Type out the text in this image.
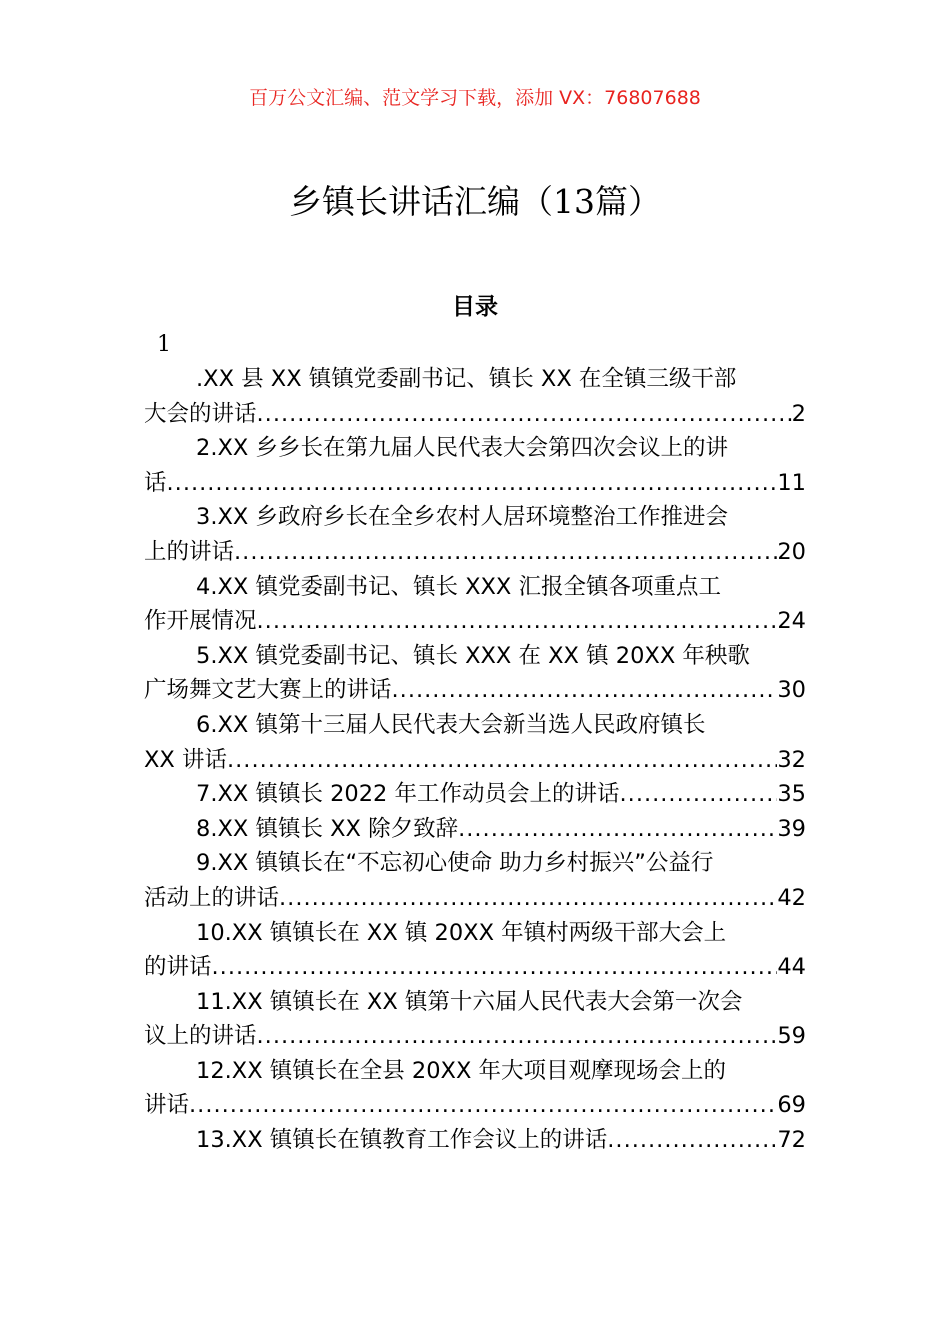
百万公文汇编、范文学习下载，添加 VX：76807688
乡镇长讲话汇编（13篇）
目录
1
.XX 县 XX 镇镇党委副书记、镇长 XX 在全镇三级干部
大会的讲话 .....	2
2.XX 乡乡长在第九届人民代表大会第四次会议上的讲
话 .....	11
3.XX 乡政府乡长在全乡农村人居环境整治工作推进会
上的讲话 .....	20
4.XX 镇党委副书记、镇长 XXX 汇报全镇各项重点工
作开展情况 .....	24
5.XX 镇党委副书记、镇长 XXX 在 XX 镇 20XX 年秧歌
广场舞文艺大赛上的讲话 .....	30
6.XX 镇第十三届人民代表大会新当选人民政府镇长
XX 讲话 .....	32
7.XX 镇镇长 2022 年工作动员会上的讲话 .....	35
8.XX 镇镇长 XX 除夕致辞 .....	39
9.XX 镇镇长在“不忘初心使命 助力乡村振兴”公益行
活动上的讲话 .....	42
10.XX 镇镇长在 XX 镇 20XX 年镇村两级干部大会上
的讲话 .....	44
11.XX 镇镇长在 XX 镇第十六届人民代表大会第一次会
议上的讲话 .....	59
12.XX 镇镇长在全县 20XX 年大项目观摩现场会上的
讲话 .....	69
13.XX 镇镇长在镇教育工作会议上的讲话 .....	72
